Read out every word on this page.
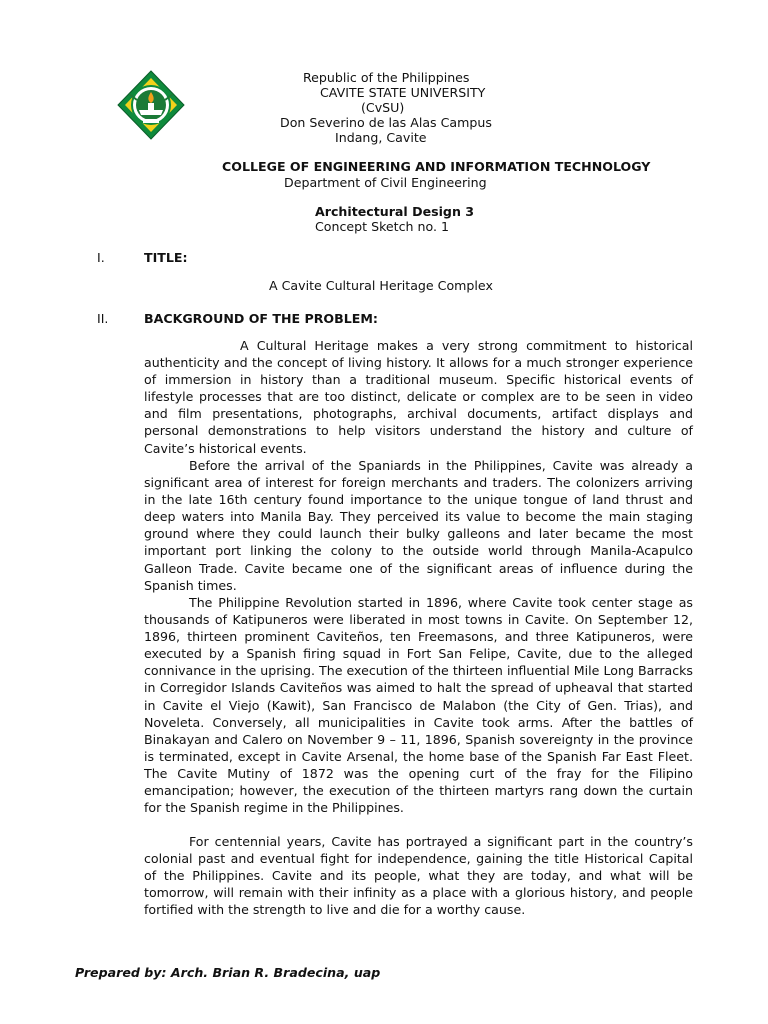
Republic of the Philippines
CAVITE STATE UNIVERSITY
(CvSU)
Don Severino de las Alas Campus
Indang, Cavite
COLLEGE OF ENGINEERING AND INFORMATION TECHNOLOGY
Department of Civil Engineering
Architectural Design 3
Concept Sketch no. 1
I.	TITLE:
A Cavite Cultural Heritage Complex
II.	BACKGROUND OF THE PROBLEM:

A Cultural Heritage makes a very strong commitment to historical authenticity and the concept of living history. It allows for a much stronger experience of immersion in history than a traditional museum. Specific historical events of lifestyle processes that are too distinct, delicate or complex are to be seen in video and film presentations, photographs, archival documents, artifact displays and personal demonstrations to help visitors understand the history and culture of Cavite’s historical events.

Before the arrival of the Spaniards in the Philippines, Cavite was already a significant area of interest for foreign merchants and traders. The colonizers arriving in the late 16th century found importance to the unique tongue of land thrust and deep waters into Manila Bay. They perceived its value to become the main staging ground where they could launch their bulky galleons and later became the most important port linking the colony to the outside world through Manila-Acapulco Galleon Trade. Cavite became one of the significant areas of influence during the Spanish times.

The Philippine Revolution started in 1896, where Cavite took center stage as thousands of Katipuneros were liberated in most towns in Cavite. On September 12, 1896, thirteen prominent Caviteños, ten Freemasons, and three Katipuneros, were executed by a Spanish firing squad in Fort San Felipe, Cavite, due to the alleged connivance in the uprising. The execution of the thirteen influential Mile Long Barracks in Corregidor Islands Caviteños was aimed to halt the spread of upheaval that started in Cavite el Viejo (Kawit), San Francisco de Malabon (the City of Gen. Trias), and Noveleta. Conversely, all municipalities in Cavite took arms. After the battles of Binakayan and Calero on November 9 – 11, 1896, Spanish sovereignty in the province is terminated, except in Cavite Arsenal, the home base of the Spanish Far East Fleet. The Cavite Mutiny of 1872 was the opening curt of the fray for the Filipino emancipation; however, the execution of the thirteen martyrs rang down the curtain for the Spanish regime in the Philippines.

For centennial years, Cavite has portrayed a significant part in the country’s colonial past and eventual fight for independence, gaining the title Historical Capital of the Philippines. Cavite and its people, what they are today, and what will be tomorrow, will remain with their infinity as a place with a glorious history, and people fortified with the strength to live and die for a worthy cause.

Prepared by: Arch. Brian R. Bradecina, uap
